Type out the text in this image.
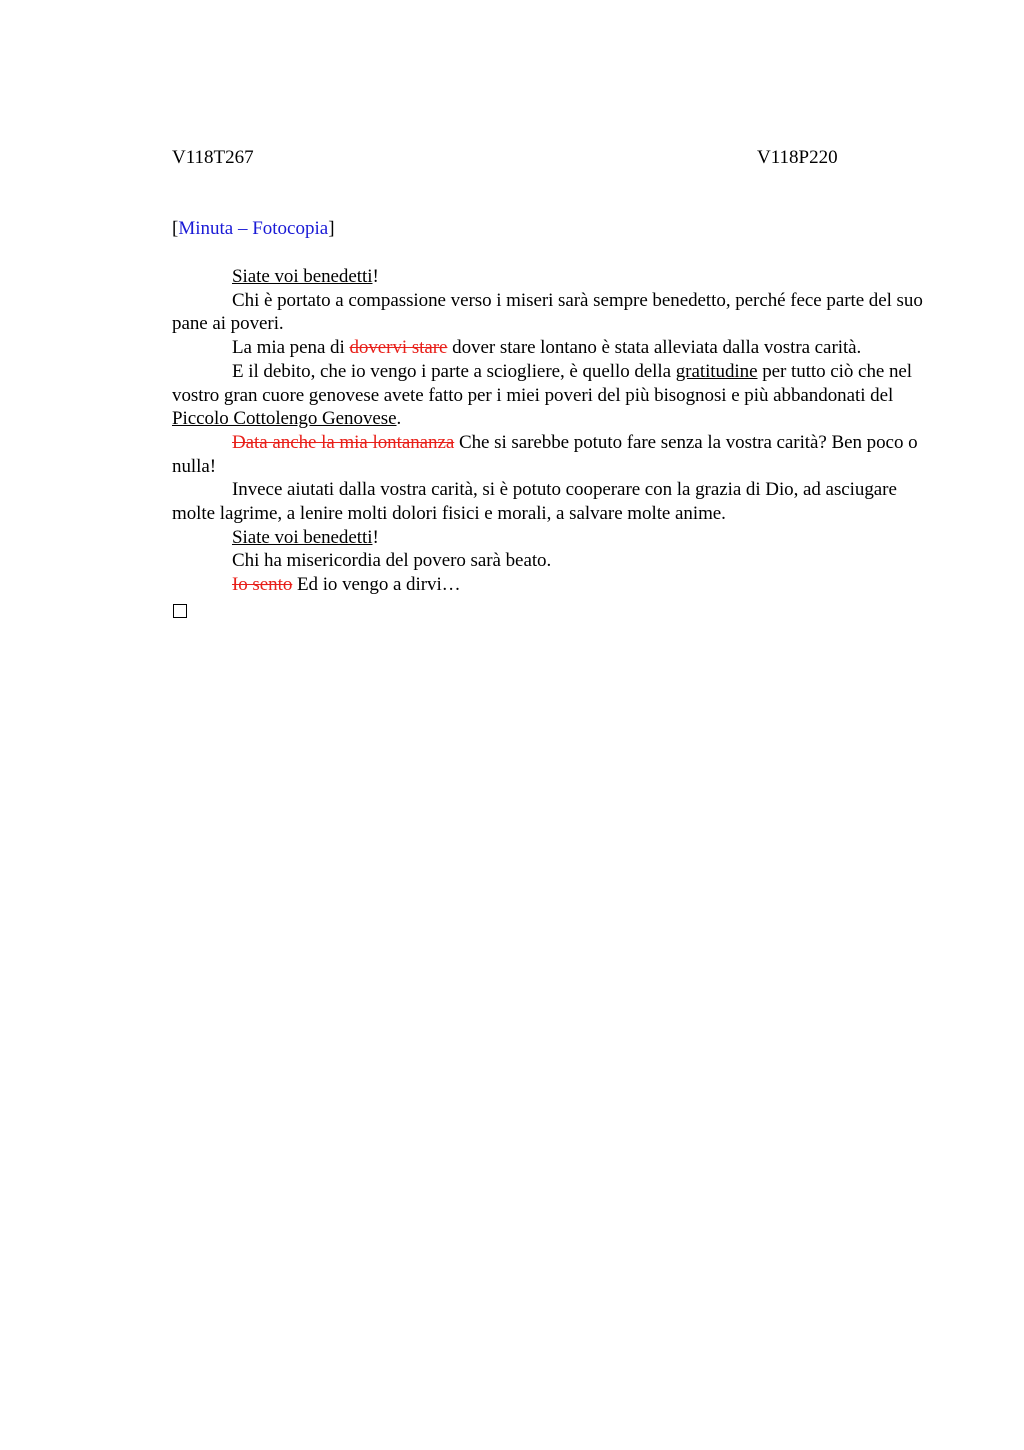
V118T267	V118P220
[Minuta – Fotocopia]

Siate voi benedetti!

Chi è portato a compassione verso i miseri sarà sempre benedetto, perché fece parte del suo pane ai poveri.

La mia pena di dovervi stare dover stare lontano è stata alleviata dalla vostra carità.

E il debito, che io vengo i parte a sciogliere, è quello della gratitudine per tutto ciò che nel vostro gran cuore genovese avete fatto per i miei poveri del più bisognosi e più abbandonati del Piccolo Cottolengo Genovese.

Data anche la mia lontananza Che si sarebbe potuto fare senza la vostra carità? Ben poco o nulla!

Invece aiutati dalla vostra carità, si è potuto cooperare con la grazia di Dio, ad asciugare molte lagrime, a lenire molti dolori fisici e morali, a salvare molte anime.

Siate voi benedetti!

Chi ha misericordia del povero sarà beato.

Io sento Ed io vengo a dirvi…
